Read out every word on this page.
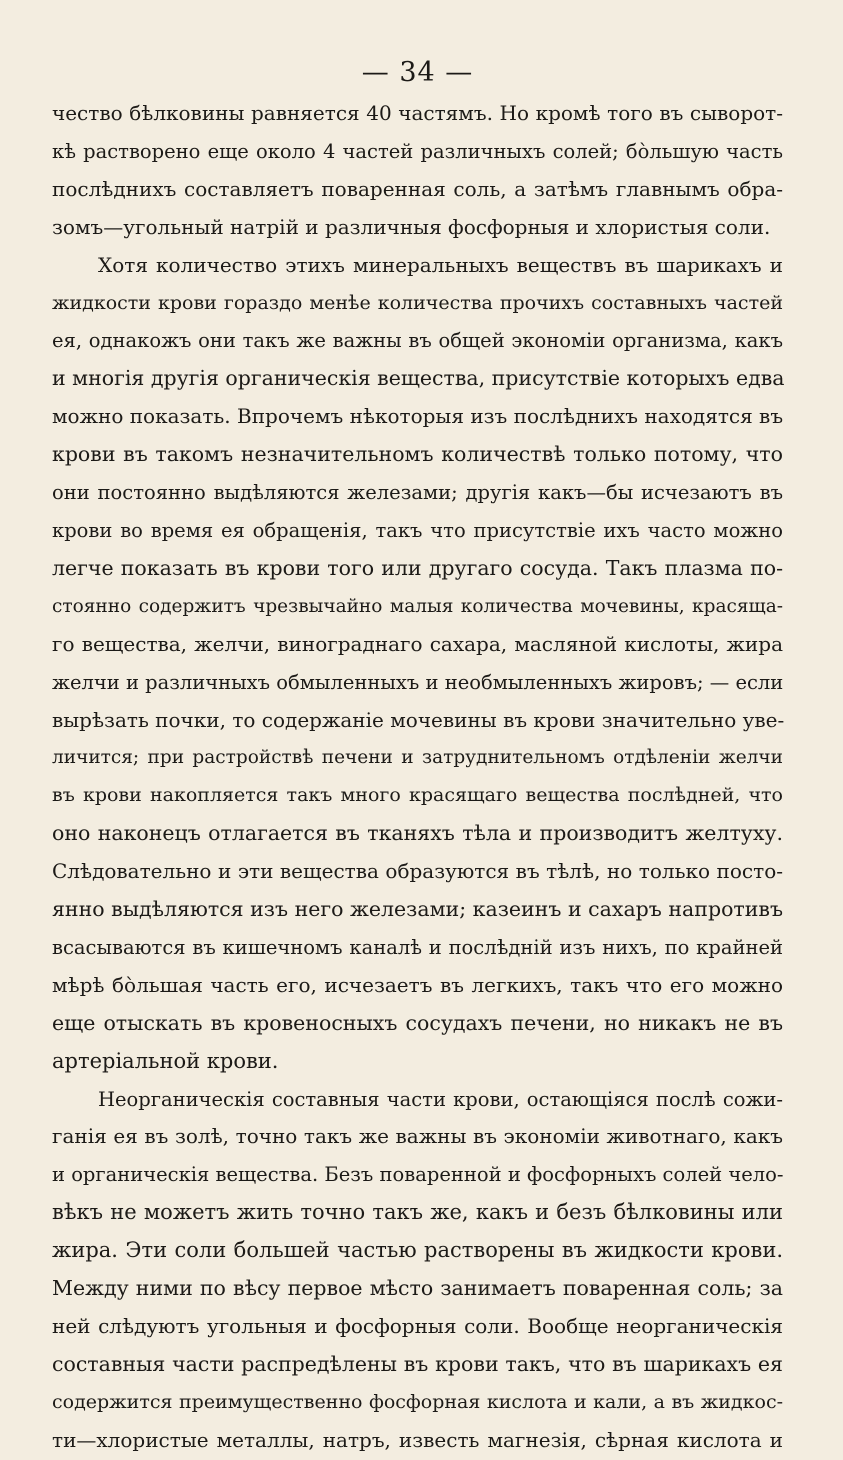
— 34 —
чество бѣлковины равняется 40 частямъ. Но кромѣ того въ сыворот-
кѣ растворено еще около 4 частей различныхъ солей; бо̀льшую часть
послѣднихъ составляетъ поваренная соль, а затѣмъ главнымъ обра-
зомъ—угольный натрій и различныя фосфорныя и хлористыя соли.
Хотя количество этихъ минеральныхъ веществъ въ шарикахъ и
жидкости крови гораздо менѣе количества прочихъ составныхъ частей
ея, однакожъ они такъ же важны въ общей экономіи организма, какъ
и многія другія органическія вещества, присутствіе которыхъ едва
можно показать. Впрочемъ нѣкоторыя изъ послѣднихъ находятся въ
крови въ такомъ незначительномъ количествѣ только потому, что
они постоянно выдѣляются железами; другія какъ—бы исчезаютъ въ
крови во время ея обращенія, такъ что присутствіе ихъ часто можно
легче показать въ крови того или другаго сосуда. Такъ плазма по-
стоянно содержитъ чрезвычайно малыя количества мочевины, красяща-
го вещества, желчи, винограднаго сахара, масляной кислоты, жира
желчи и различныхъ обмыленныхъ и необмыленныхъ жировъ; — если
вырѣзать почки, то содержаніе мочевины въ крови значительно уве-
личится; при растройствѣ печени и затруднительномъ отдѣленіи желчи
въ крови накопляется такъ много красящаго вещества послѣдней, что
оно наконецъ отлагается въ тканяхъ тѣла и производитъ желтуху.
Слѣдовательно и эти вещества образуются въ тѣлѣ, но только посто-
янно выдѣляются изъ него железами; казеинъ и сахаръ напротивъ
всасываются въ кишечномъ каналѣ и послѣдній изъ нихъ, по крайней
мѣрѣ бо̀льшая часть его, исчезаетъ въ легкихъ, такъ что его можно
еще отыскать въ кровеносныхъ сосудахъ печени, но никакъ не въ
артеріальной крови.
Неорганическія составныя части крови, остающіяся послѣ сожи-
ганія ея въ золѣ, точно такъ же важны въ экономіи животнаго, какъ
и органическія вещества. Безъ поваренной и фосфорныхъ солей чело-
вѣкъ не можетъ жить точно такъ же, какъ и безъ бѣлковины или
жира. Эти соли большей частью растворены въ жидкости крови.
Между ними по вѣсу первое мѣсто занимаетъ поваренная соль; за
ней слѣдуютъ угольныя и фосфорныя соли. Вообще неорганическія
составныя части распредѣлены въ крови такъ, что въ шарикахъ ея
содержится преимущественно фосфорная кислота и кали, а въ жидкос-
ти—хлористые металлы, натръ, известь магнезія, сѣрная кислота и
